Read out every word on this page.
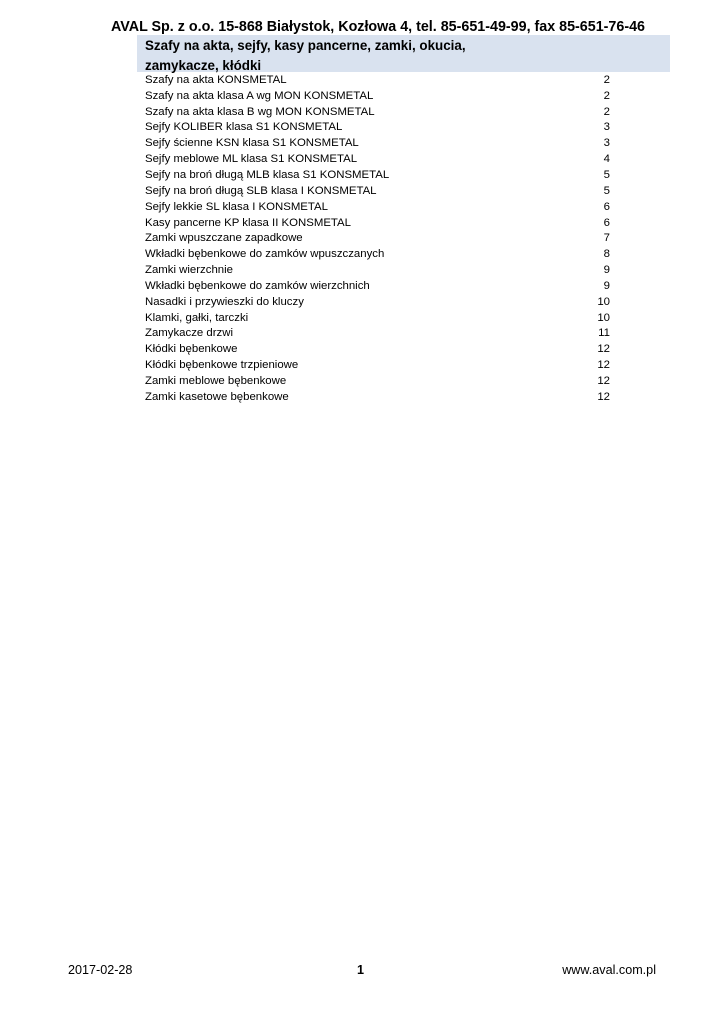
AVAL Sp. z o.o. 15-868 Białystok, Kozłowa 4, tel. 85-651-49-99, fax 85-651-76-46
Szafy na akta, sejfy, kasy pancerne, zamki, okucia,
zamykacze, kłódki
Szafy na akta KONSMETAL	2
Szafy na akta klasa A wg MON KONSMETAL	2
Szafy na akta klasa B wg MON KONSMETAL	2
Sejfy KOLIBER klasa S1 KONSMETAL	3
Sejfy ścienne KSN klasa S1 KONSMETAL	3
Sejfy meblowe ML klasa S1 KONSMETAL	4
Sejfy na broń długą MLB klasa S1 KONSMETAL	5
Sejfy na broń długą SLB klasa I KONSMETAL	5
Sejfy lekkie SL klasa I KONSMETAL	6
Kasy pancerne KP klasa II KONSMETAL	6
Zamki wpuszczane zapadkowe	7
Wkładki bębenkowe do zamków wpuszczanych	8
Zamki wierzchnie	9
Wkładki bębenkowe do zamków wierzchnich	9
Nasadki i przywieszki do kluczy	10
Klamki, gałki, tarczki	10
Zamykacze drzwi	11
Kłódki bębenkowe	12
Kłódki bębenkowe trzpieniowe	12
Zamki meblowe bębenkowe	12
Zamki kasetowe bębenkowe	12
2017-02-28	1	www.aval.com.pl
